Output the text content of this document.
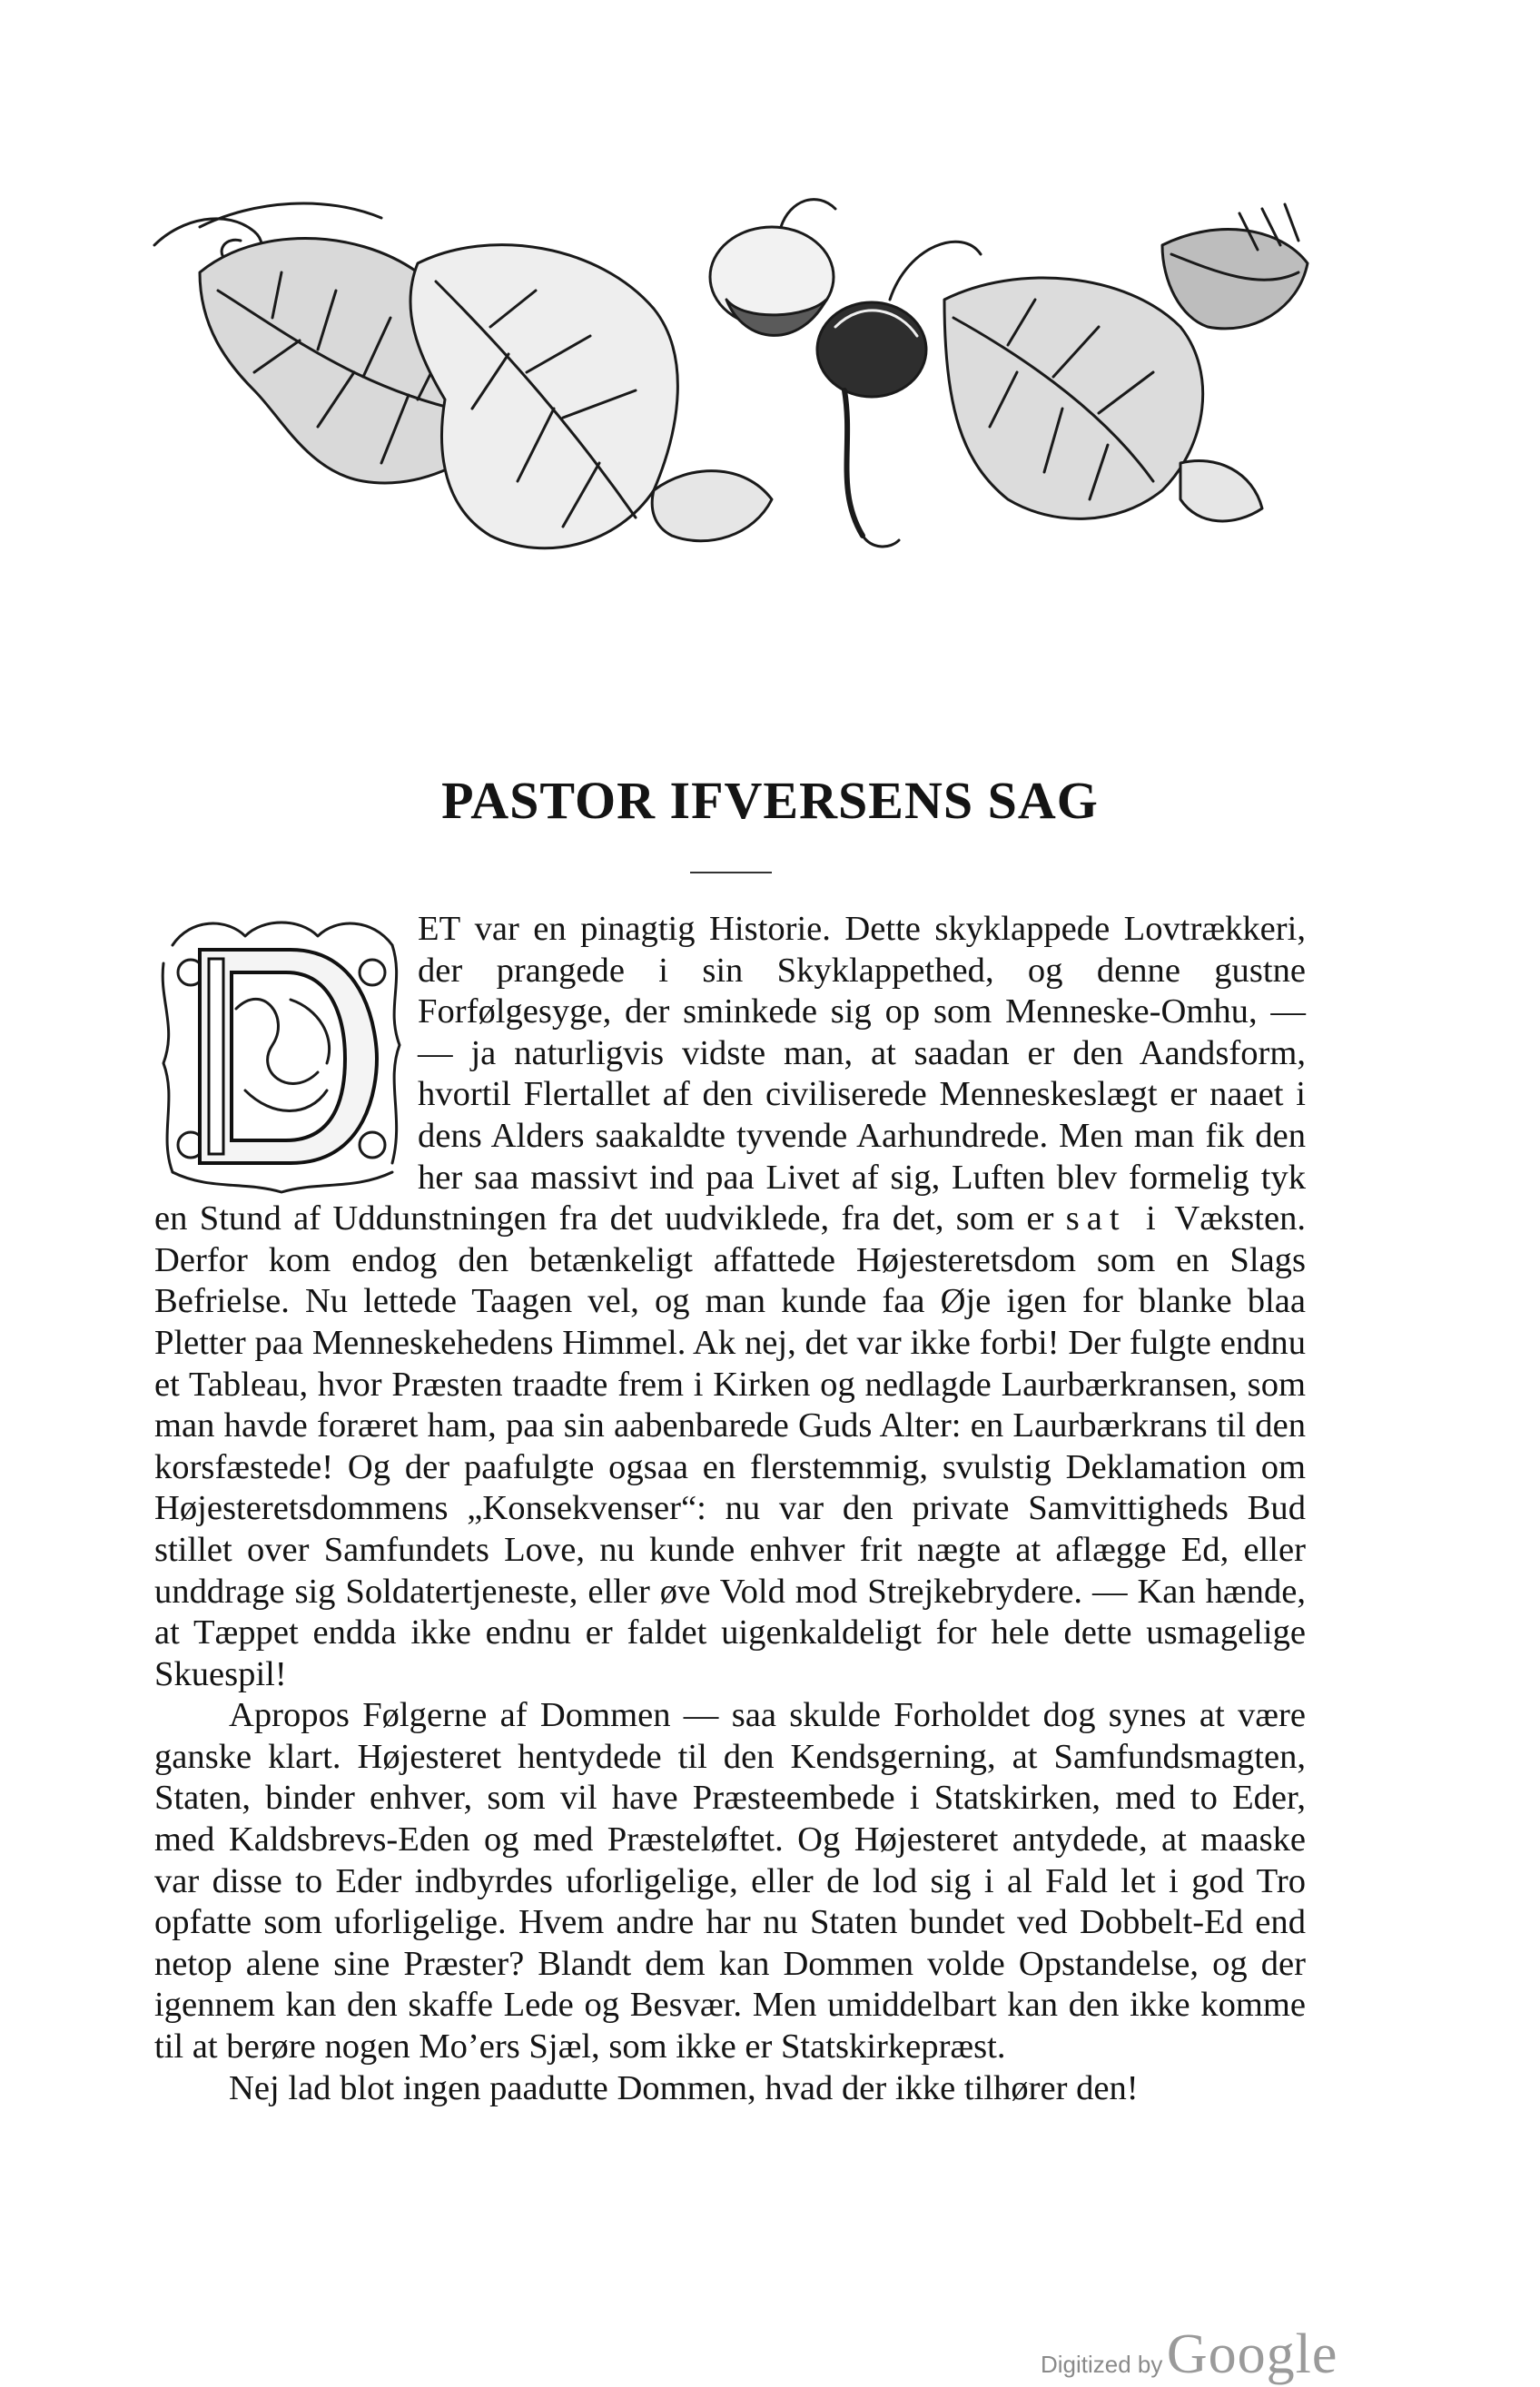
PASTOR IFVERSENS SAG

ET var en pinagtig Historie. Dette skyklappede Lovtrækkeri, der prangede i sin Skyklappethed, og denne gustne Forfølgesyge, der sminkede sig op som Menneske-Omhu, — — ja naturligvis vidste man, at saadan er den Aandsform, hvortil Flertallet af den civiliserede Menneskeslægt er naaet i dens Alders saakaldte tyvende Aarhundrede. Men man fik den her saa massivt ind paa Livet af sig, Luften blev formelig tyk en Stund af Uddunstningen fra det uudviklede, fra det, som er sat i Væksten. Derfor kom endog den betænkeligt affattede Højesteretsdom som en Slags Befrielse. Nu lettede Taagen vel, og man kunde faa Øje igen for blanke blaa Pletter paa Menneskehedens Himmel. Ak nej, det var ikke forbi! Der fulgte endnu et Tableau, hvor Præsten traadte frem i Kirken og nedlagde Laurbærkransen, som man havde foræret ham, paa sin aabenbarede Guds Alter: en Laurbærkrans til den korsfæstede! Og der paafulgte ogsaa en flerstemmig, svulstig Deklamation om Højesteretsdommens „Konsekvenser“: nu var den private Samvittigheds Bud stillet over Samfundets Love, nu kunde enhver frit nægte at aflægge Ed, eller unddrage sig Soldatertjeneste, eller øve Vold mod Strejkebrydere. — Kan hænde, at Tæppet endda ikke endnu er faldet uigenkaldeligt for hele dette usmagelige Skuespil!

Apropos Følgerne af Dommen — saa skulde Forholdet dog synes at være ganske klart. Højesteret hentydede til den Kendsgerning, at Samfundsmagten, Staten, binder enhver, som vil have Præsteembede i Statskirken, med to Eder, med Kaldsbrevs-Eden og med Præsteløftet. Og Højesteret antydede, at maaske var disse to Eder indbyrdes uforligelige, eller de lod sig i al Fald let i god Tro opfatte som uforligelige. Hvem andre har nu Staten bundet ved Dobbelt-Ed end netop alene sine Præster? Blandt dem kan Dommen volde Opstandelse, og der igennem kan den skaffe Lede og Besvær. Men umiddelbart kan den ikke komme til at berøre nogen Mo’ers Sjæl, som ikke er Statskirkepræst.

Nej lad blot ingen paadutte Dommen, hvad der ikke tilhører den!

Digitized by Google
